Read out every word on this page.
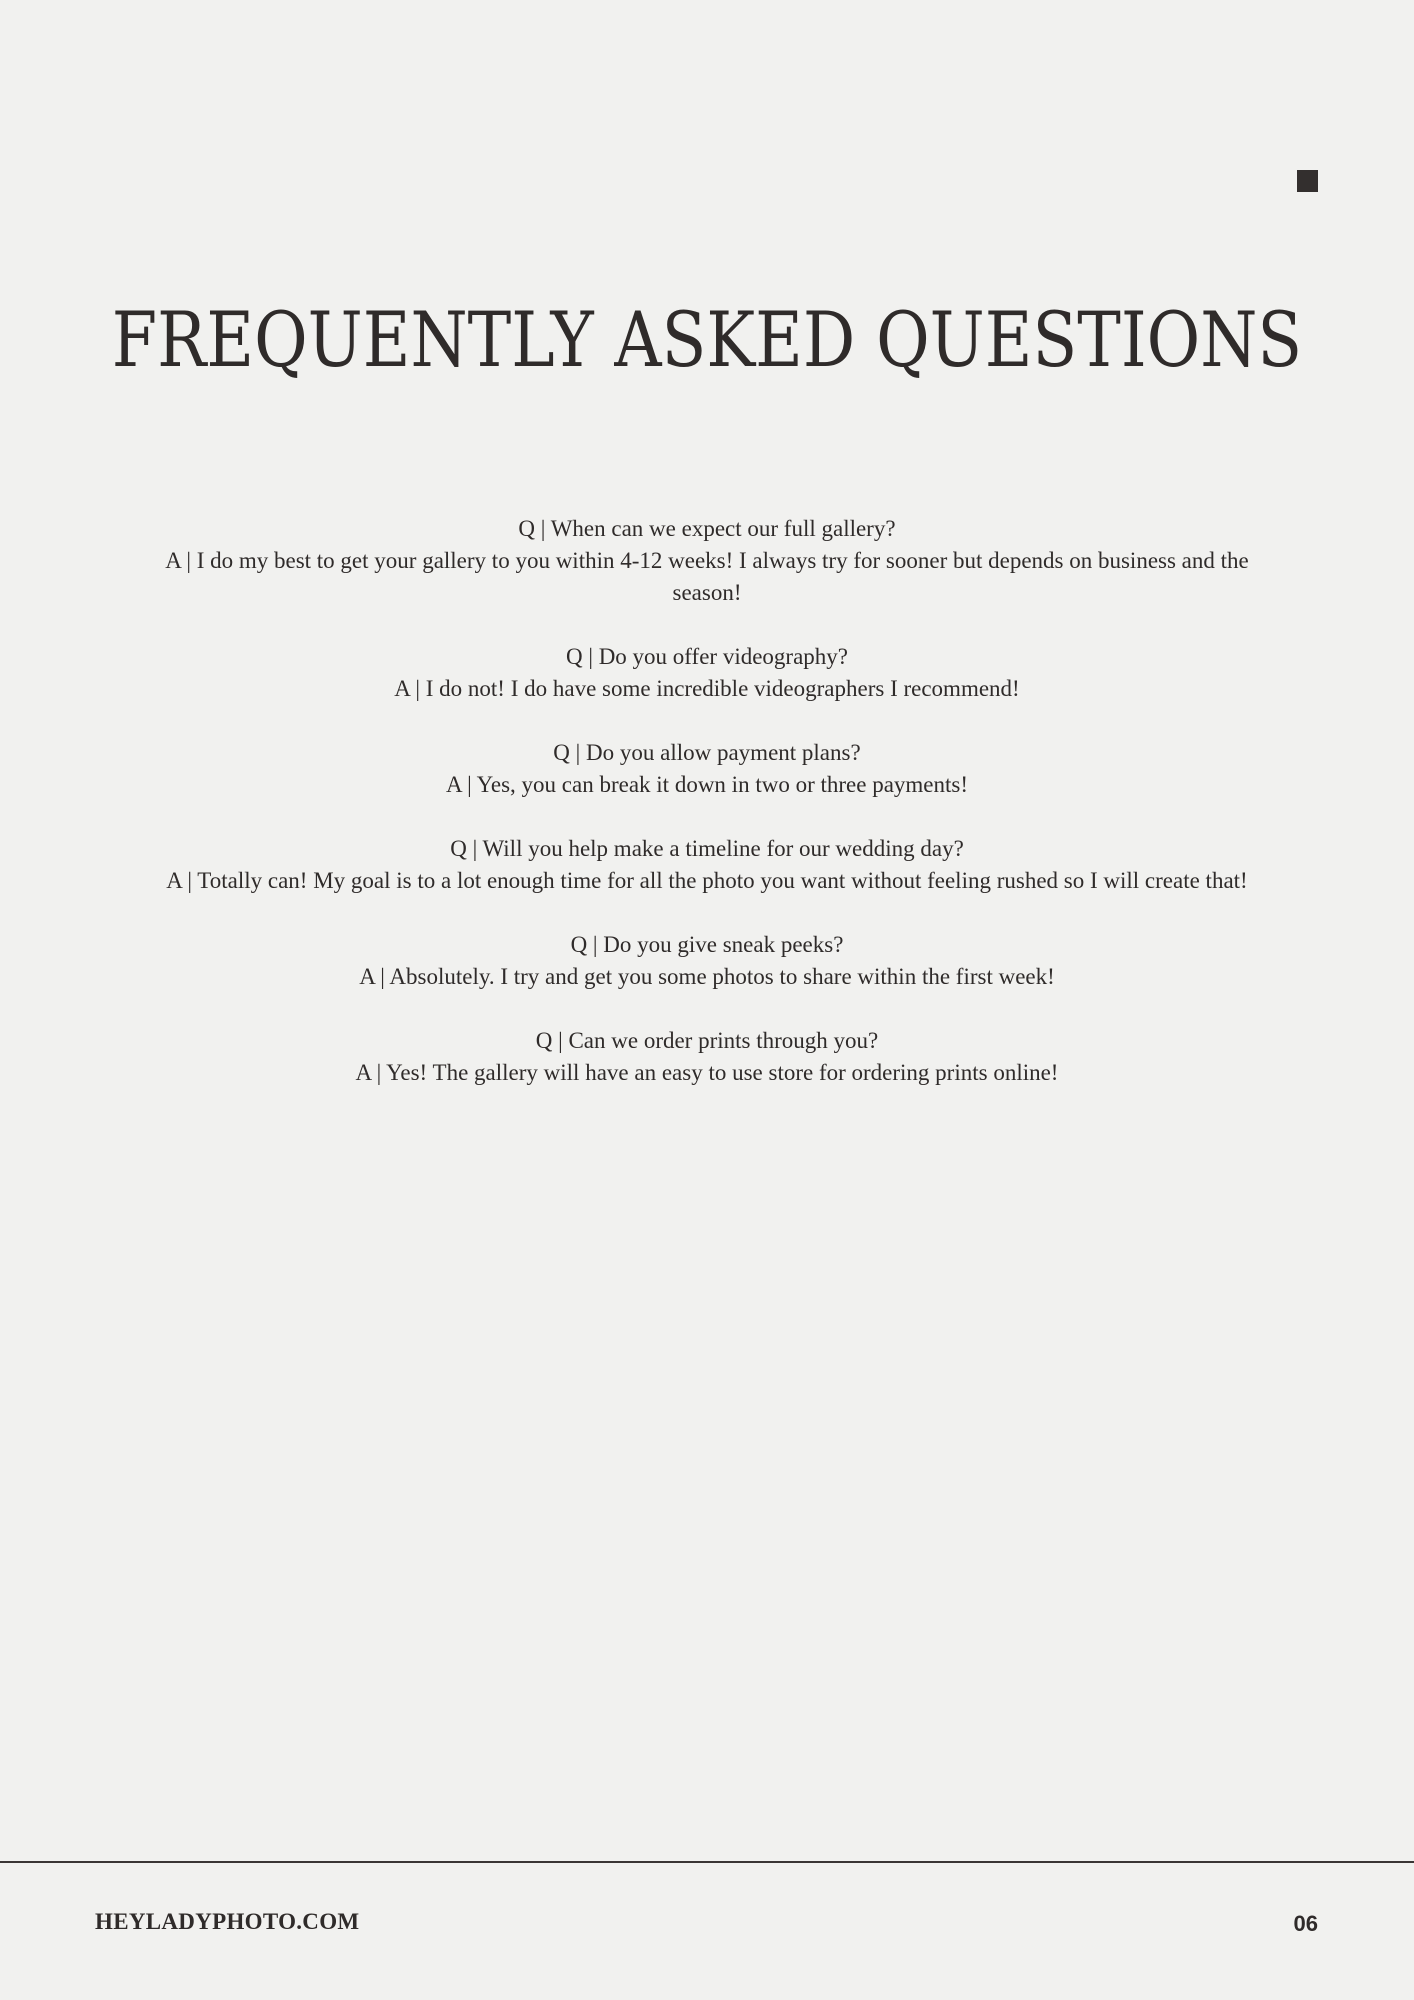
FREQUENTLY ASKED QUESTIONS

Q | When can we expect our full gallery?

A | I do my best to get your gallery to you within 4-12 weeks! I always try for sooner but depends on business and the season!

Q | Do you offer videography?

A | I do not! I do have some incredible videographers I recommend!

Q | Do you allow payment plans?

A | Yes, you can break it down in two or three payments!

Q | Will you help make a timeline for our wedding day?

A | Totally can! My goal is to a lot enough time for all the photo you want without feeling rushed so I will create that!

Q | Do you give sneak peeks?

A | Absolutely. I try and get you some photos to share within the first week!

Q | Can we order prints through you?

A | Yes! The gallery will have an easy to use store for ordering prints online!

HEYLADYPHOTO.COM	06
